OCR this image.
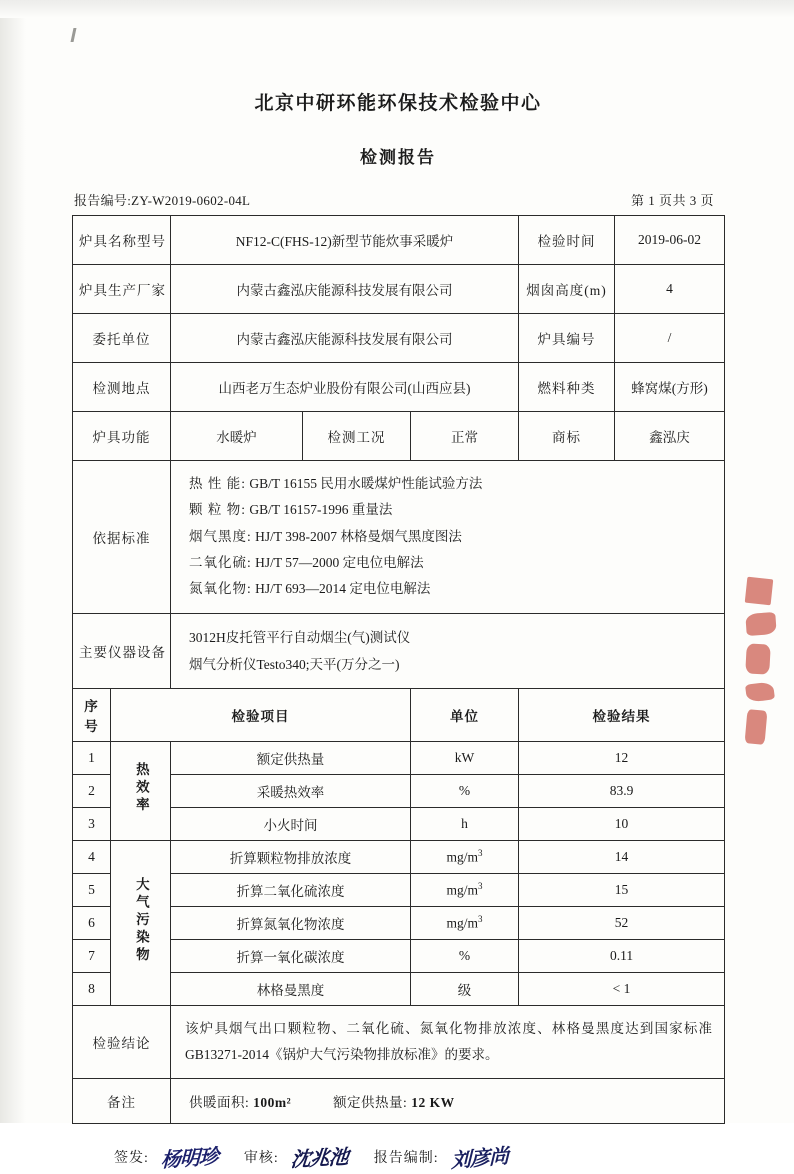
北京中研环能环保技术检验中心
检测报告
报告编号:ZY-W2019-0602-04L	第 1 页共 3 页
炉具名称型号		NF12-C(FHS-12)新型节能炊事采暖炉			检验时间	2019-06-02
炉具生产厂家		内蒙古鑫泓庆能源科技发展有限公司			烟囱高度(m)	4
委托单位		内蒙古鑫泓庆能源科技发展有限公司			炉具编号	/
检测地点		山西老万生态炉业股份有限公司(山西应县)			燃料种类	蜂窝煤(方形)
炉具功能		水暖炉	检测工况	正常	商标	鑫泓庆
依据标准		热 性 能: GB/T 16155 民用水暖煤炉性能试验方法
颗 粒 物: GB/T 16157-1996 重量法
烟气黑度: HJ/T 398-2007 林格曼烟气黑度图法
二氧化硫: HJ/T 57—2000 定电位电解法
氮氧化物: HJ/T 693—2014 定电位电解法				

主要仪器设备		3012H皮托管平行自动烟尘(气)测试仪
烟气分析仪Testo340;天平(万分之一)				

序号	检验项目			单位	检验结果	
1	热效率	额定供热量		kW	12	
2		采暖热效率		%	83.9	
3		小火时间		h	10	
4	大气污染物	折算颗粒物排放浓度		$mg/m^3$	14	
5		折算二氧化硫浓度		$mg/m^3$	15	
6		折算氮氧化物浓度		$mg/m^3$	52	
7		折算一氧化碳浓度		%	0.11	
8		林格曼黑度		级	< 1	
检验结论		该炉具烟气出口颗粒物、二氧化硫、氮氧化物排放浓度、林格曼黑度达到国家标准GB13271-2014《锅炉大气污染物排放标准》的要求。				
备注		供暖面积: 100m² 额定供热量: 12 KW				
签发: 杨明珍 审核: 沈兆池 报告编制: 刘彦尚
